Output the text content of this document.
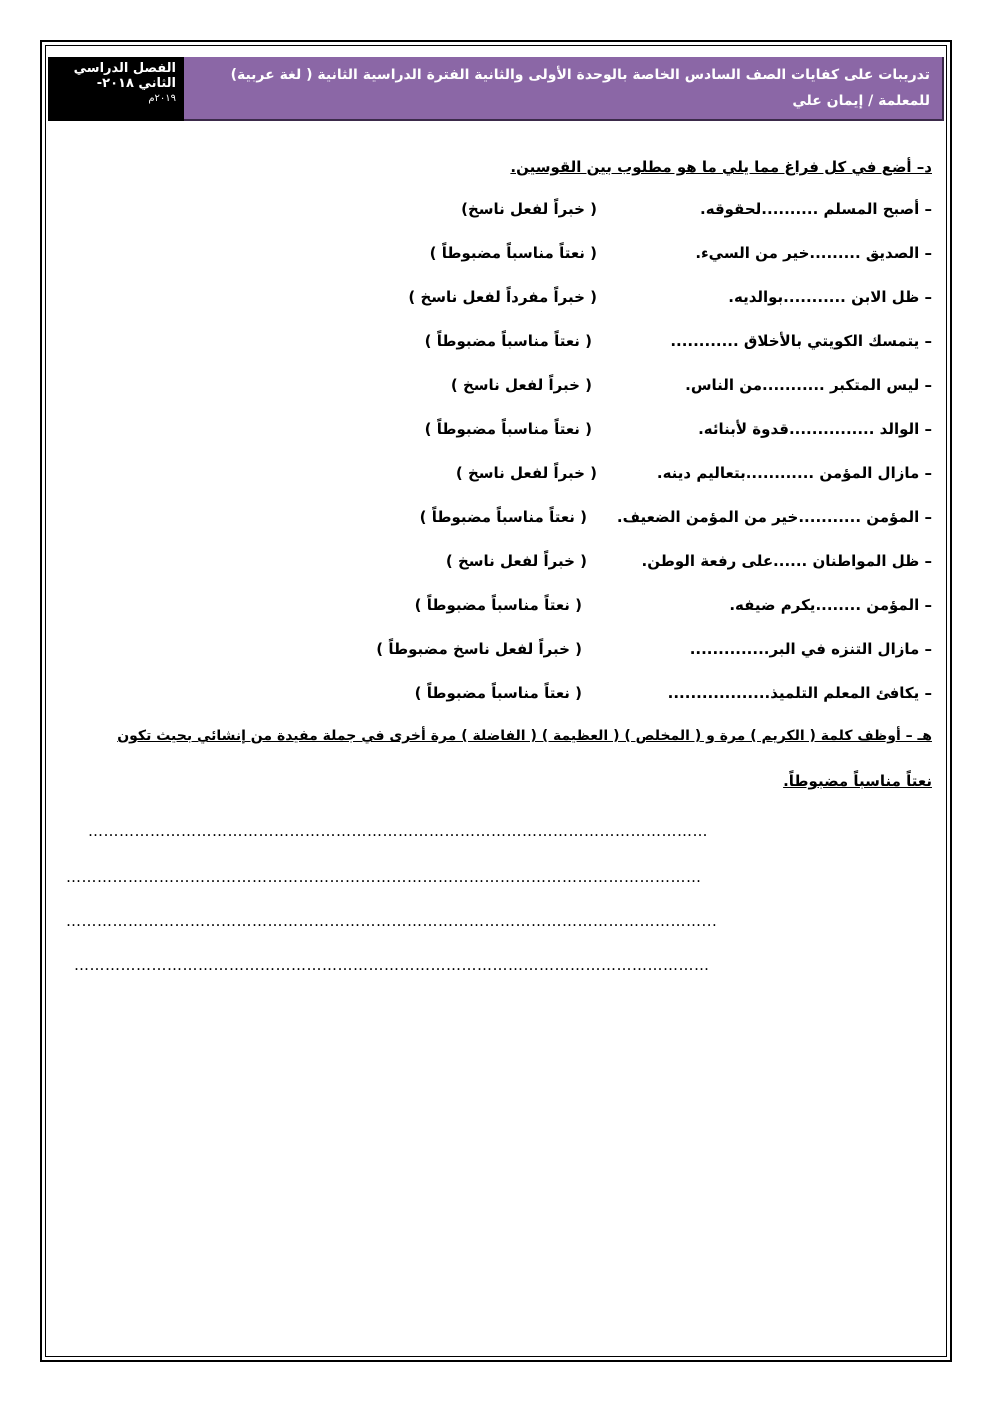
الفصل الدراسي الثاني ٢٠١٨-
٢٠١٩م
تدريبات على كفايات الصف السادس الخاصة بالوحدة الأولى والثانية الفترة الدراسية الثانية ( لغة عربية) للمعلمة / إيمان علي
د– أضع في كل فراغ مما يلي ما هو مطلوب بين القوسين.
– أصبح المسلم ..........لحقوقه.
( خبراً لفعل ناسخ)
– الصديق .........خير من السيء.
( نعتاً مناسباً مضبوطاً )
– ظل الابن ...........بوالديه.
( خبراً مفرداً لفعل ناسخ )
– يتمسك الكويتي بالأخلاق ............
( نعتاً مناسباً مضبوطاً )
– ليس المتكبر ...........من الناس.
( خبراً لفعل ناسخ )
– الوالد ...............قدوة لأبنائه.
( نعتاً مناسباً مضبوطاً )
– مازال المؤمن ............بتعاليم دينه.
( خبراً لفعل ناسخ )
– المؤمن ...........خير من المؤمن الضعيف.
( نعتاً مناسباً مضبوطاً )
– ظل المواطنان ......على رفعة الوطن.
( خبراً لفعل ناسخ )
– المؤمن ........يكرم ضيفه.
( نعتاً مناسباً مضبوطاً )
– مازال التنزه في البر..............
( خبراً لفعل ناسخ مضبوطاً )
– يكافئ المعلم التلميذ..................
( نعتاً مناسباً مضبوطاً )
هـ – أوظف كلمة ( الكريم ) مرة و ( المخلص ) ( العظيمة ) ( الفاضلة ) مرة أخرى في جملة مفيدة من إنشائي بحيث تكون
نعتاً مناسباً مضبوطاً.
…………………………………………………………………………………………………………
……………………………………………………………………………………………………………
……………………………………………………………………………………………………………...
……………………………………………………………………………………………………………
